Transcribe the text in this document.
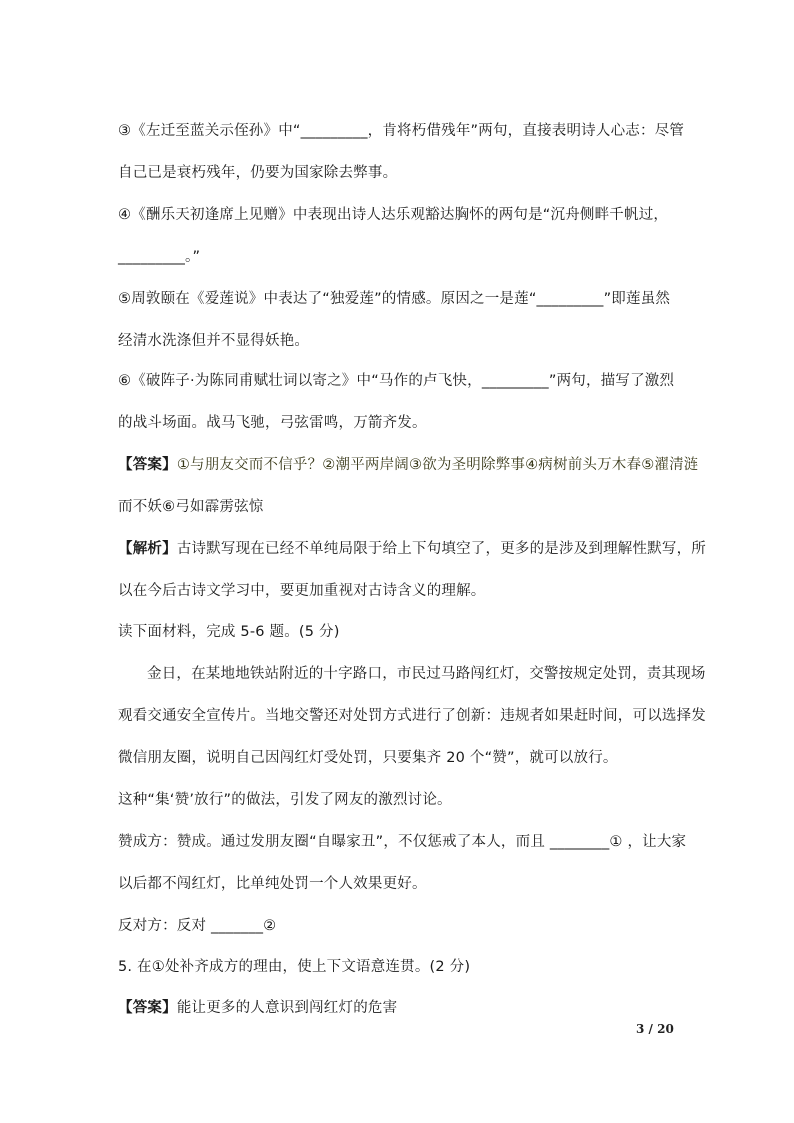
③《左迁至蓝关示侄孙》中“_________，肯将朽借残年”两句，直接表明诗人心志：尽管
自己已是衰朽残年，仍要为国家除去弊事。
④《酬乐天初逢席上见赠》中表现出诗人达乐观豁达胸怀的两句是“沉舟侧畔千帆过，
_________。”
⑤周敦颐在《爱莲说》中表达了“独爱莲”的情感。原因之一是莲“_________”即莲虽然
经清水洗涤但并不显得妖艳。
⑥《破阵子·为陈同甫赋壮词以寄之》中“马作的卢飞快，_________”两句，描写了激烈
的战斗场面。战马飞驰，弓弦雷鸣，万箭齐发。
【答案】①与朋友交而不信乎？②潮平两岸阔③欲为圣明除弊事④病树前头万木春⑤濯清涟
而不妖⑥弓如霹雳弦惊
【解析】古诗默写现在已经不单纯局限于给上下句填空了，更多的是涉及到理解性默写，所
以在今后古诗文学习中，要更加重视对古诗含义的理解。
读下面材料，完成 5-6 题。(5 分)
金日，在某地地铁站附近的十字路口，市民过马路闯红灯，交警按规定处罚，责其现场
观看交通安全宣传片。当地交警还对处罚方式进行了创新：违规者如果赶时间，可以选择发
微信朋友圈，说明自己因闯红灯受处罚，只要集齐 20 个“赞”，就可以放行。
这种“集‘赞’放行”的做法，引发了网友的激烈讨论。
赞成方：赞成。通过发朋友圈“自曝家丑”，不仅惩戒了本人，而且 ________① ，让大家
以后都不闯红灯，比单纯处罚一个人效果更好。
反对方：反对 _______②
5. 在①处补齐成方的理由，使上下文语意连贯。(2 分)
【答案】能让更多的人意识到闯红灯的危害
3 / 20
